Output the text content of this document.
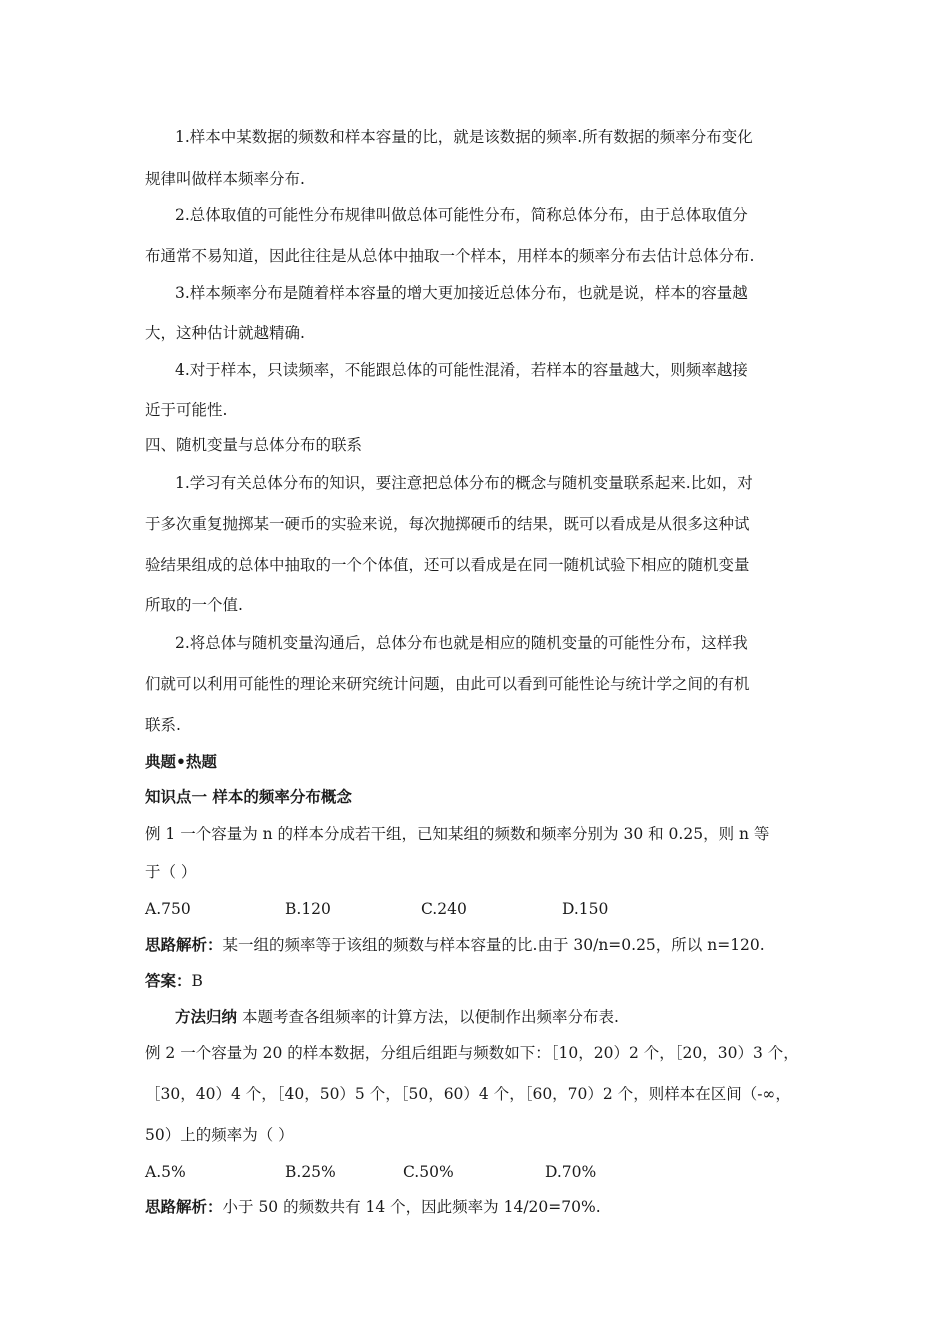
1.样本中某数据的频数和样本容量的比，就是该数据的频率.所有数据的频率分布变化
规律叫做样本频率分布.
2.总体取值的可能性分布规律叫做总体可能性分布，简称总体分布，由于总体取值分
布通常不易知道，因此往往是从总体中抽取一个样本，用样本的频率分布去估计总体分布.
3.样本频率分布是随着样本容量的增大更加接近总体分布，也就是说，样本的容量越
大，这种估计就越精确.
4.对于样本，只读频率，不能跟总体的可能性混淆，若样本的容量越大，则频率越接
近于可能性.
四、随机变量与总体分布的联系
1.学习有关总体分布的知识，要注意把总体分布的概念与随机变量联系起来.比如，对
于多次重复抛掷某一硬币的实验来说，每次抛掷硬币的结果，既可以看成是从很多这种试
验结果组成的总体中抽取的一个个体值，还可以看成是在同一随机试验下相应的随机变量
所取的一个值.
2.将总体与随机变量沟通后，总体分布也就是相应的随机变量的可能性分布，这样我
们就可以利用可能性的理论来研究统计问题，由此可以看到可能性论与统计学之间的有机
联系.
典题•热题
知识点一 样本的频率分布概念
例 1 一个容量为 n 的样本分成若干组，已知某组的频数和频率分别为 30 和 0.25，则 n 等
于（ ）
A.750	B.120	C.240	D.150
思路解析：某一组的频率等于该组的频数与样本容量的比.由于 30/n=0.25，所以 n=120.
答案：B
方法归纳 本题考查各组频率的计算方法，以便制作出频率分布表.
例 2 一个容量为 20 的样本数据，分组后组距与频数如下：［10，20）2 个，［20，30）3 个，
［30，40）4 个，［40，50）5 个，［50，60）4 个，［60，70）2 个，则样本在区间（-∞，
50）上的频率为（ ）
A.5%	B.25%	C.50%	D.70%
思路解析：小于 50 的频数共有 14 个，因此频率为 14/20=70%.
